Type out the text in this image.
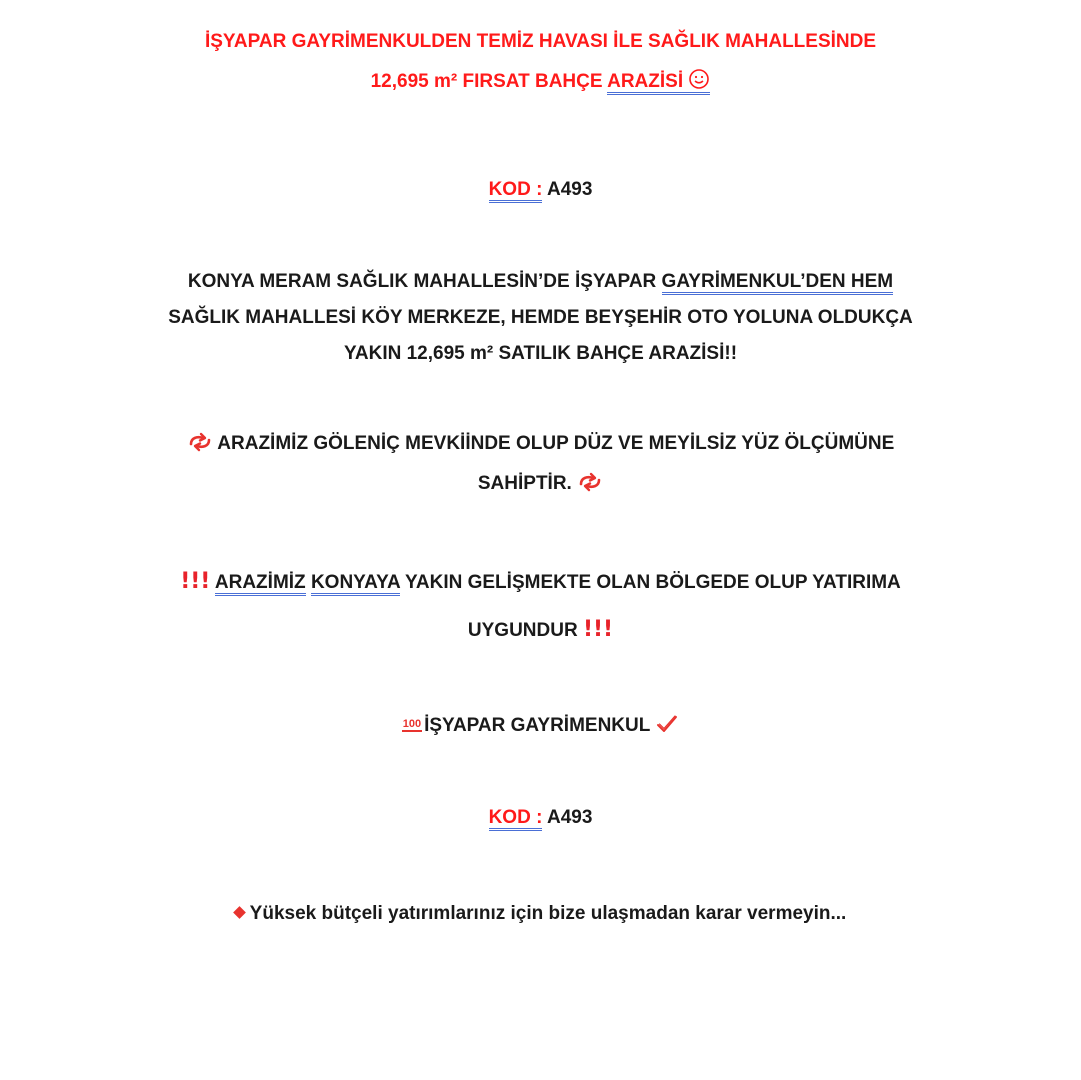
İŞYAPAR GAYRİMENKULDEN TEMİZ HAVASI İLE SAĞLIK MAHALLESİNDE
12,695 m² FIRSAT BAHÇE ARAZİSİ
KOD : A493
KONYA MERAM SAĞLIK MAHALLESİN’DE İŞYAPAR GAYRİMENKUL’DEN HEM
SAĞLIK MAHALLESİ KÖY MERKEZE, HEMDE BEYŞEHİR OTO YOLUNA OLDUKÇA
YAKIN 12,695 m² SATILIK BAHÇE ARAZİSİ!!
ARAZİMİZ GÖLENİÇ MEVKİİNDE OLUP DÜZ VE MEYİLSİZ YÜZ ÖLÇÜMÜNE
SAHİPTİR.
!!! ARAZİMİZ KONYAYA YAKIN GELİŞMEKTE OLAN BÖLGEDE OLUP YATIRIMA
UYGUNDUR !!!
100 İŞYAPAR GAYRİMENKUL
KOD : A493
Yüksek bütçeli yatırımlarınız için bize ulaşmadan karar vermeyin...
